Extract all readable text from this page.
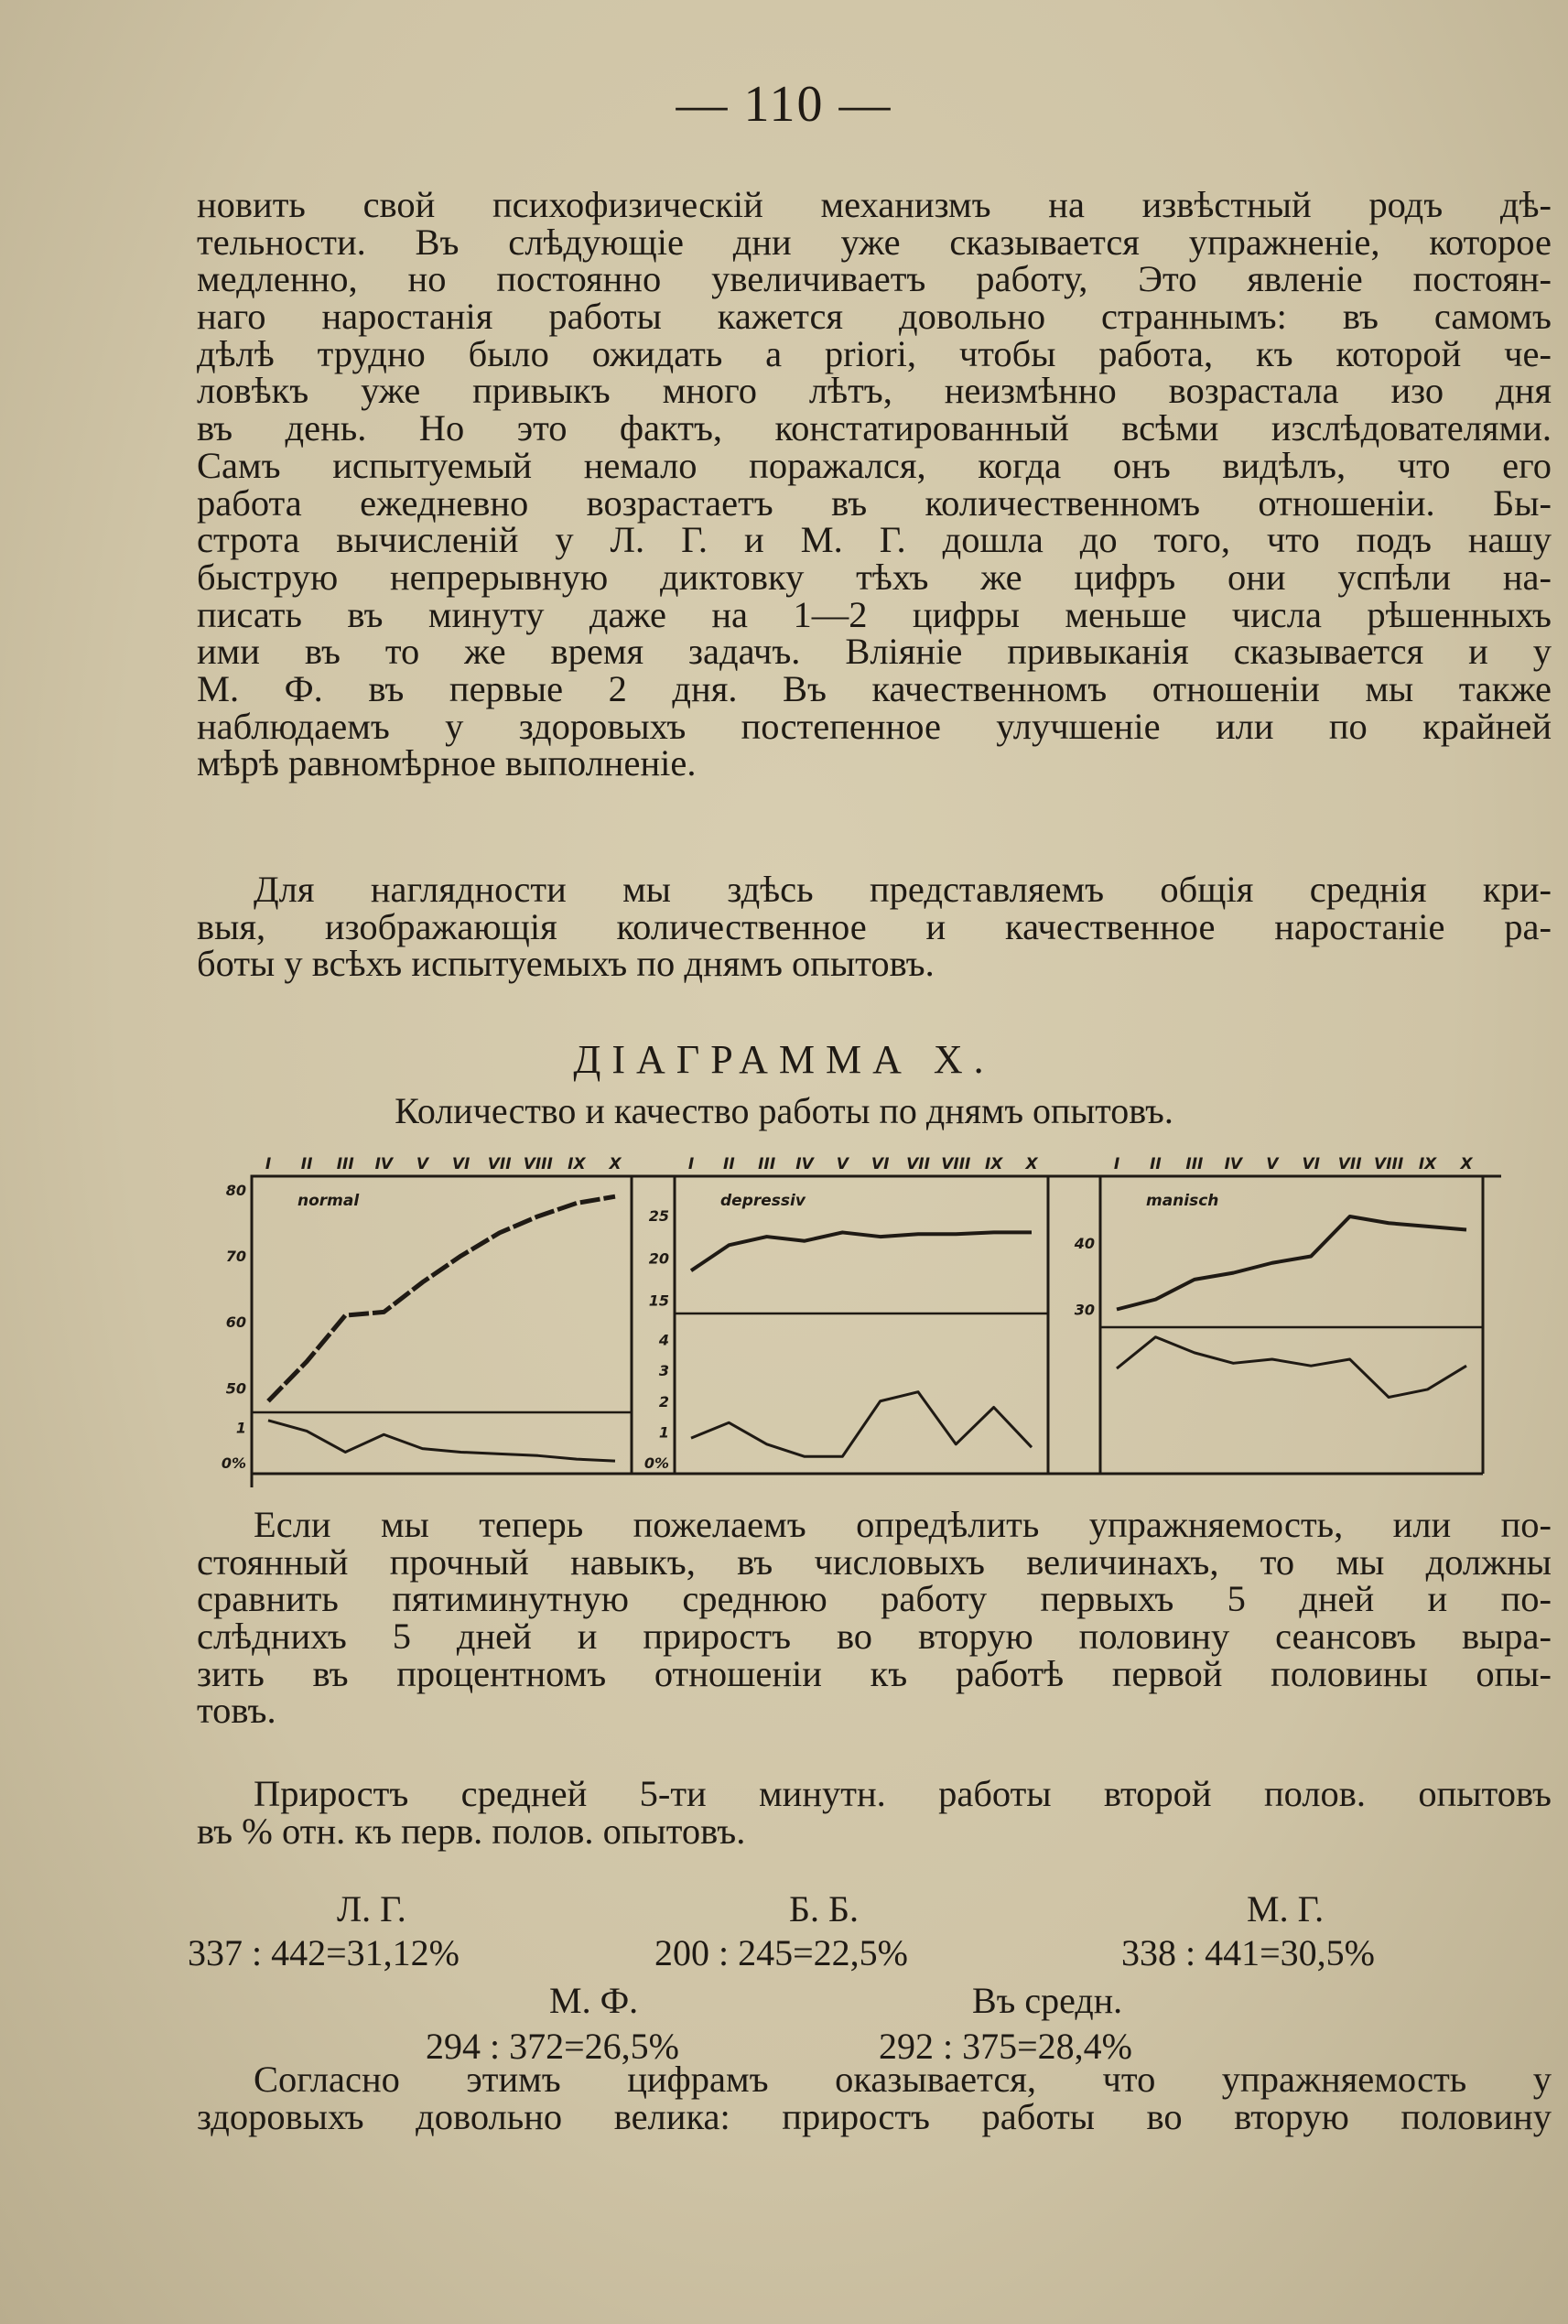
— 110 —
новить свой психофизическій механизмъ на извѣстный родъ дѣ-
тельности. Въ слѣдующіе дни уже сказывается упражненіе, которое
медленно, но постоянно увеличиваетъ работу, Это явленіе постоян-
наго наростанія работы кажется довольно страннымъ: въ самомъ
дѣлѣ трудно было ожидать a priori, чтобы работа, къ которой че-
ловѣкъ уже привыкъ много лѣтъ, неизмѣнно возрастала изо дня
въ день. Но это фактъ, констатированный всѣми изслѣдователями.
Самъ испытуемый немало поражался, когда онъ видѣлъ, что его
работа ежедневно возрастаетъ въ количественномъ отношеніи. Бы-
строта вычисленій у Л. Г. и М. Г. дошла до того, что подъ нашу
быструю непрерывную диктовку тѣхъ же цифръ они успѣли на-
писать въ минуту даже на 1—2 цифры меньше числа рѣшенныхъ
ими въ то же время задачъ. Вліяніе привыканія сказывается и у
М. Ф. въ первые 2 дня. Въ качественномъ отношеніи мы также
наблюдаемъ у здоровыхъ постепенное улучшеніе или по крайней
мѣрѣ равномѣрное выполненіе.
Для наглядности мы здѣсь представляемъ общія среднія кри-
выя, изображающія количественное и качественное наростаніе ра-
боты у всѣхъ испытуемыхъ по днямъ опытовъ.
ДІАГРАММА X.
Количество и качество работы по днямъ опытовъ.
normal
I II III IV V VI VII VIII IX X
80
70
60
50
1
0%
depressiv
I II III IV V VI VII VIII IX X
25
20
15
4
3
2
1
0%
manisch
I II III IV V VI VII VIII IX X
40
30
Если мы теперь пожелаемъ опредѣлить упражняемость, или по-
стоянный прочный навыкъ, въ числовыхъ величинахъ, то мы должны
сравнить пятиминутную среднюю работу первыхъ 5 дней и по-
слѣднихъ 5 дней и приростъ во вторую половину сеансовъ выра-
зить въ процентномъ отношеніи къ работѣ первой половины опы-
товъ.
Приростъ средней 5-ти минутн. работы второй полов. опытовъ
въ % отн. къ перв. полов. опытовъ.
Л. Г.	Б. Б.	М. Г.
337 : 442=31,12%	200 : 245=22,5%	338 : 441=30,5%
М. Ф.	Въ средн.
294 : 372=26,5%	292 : 375=28,4%
Согласно этимъ цифрамъ оказывается, что упражняемость у
здоровыхъ довольно велика: приростъ работы во вторую половину
